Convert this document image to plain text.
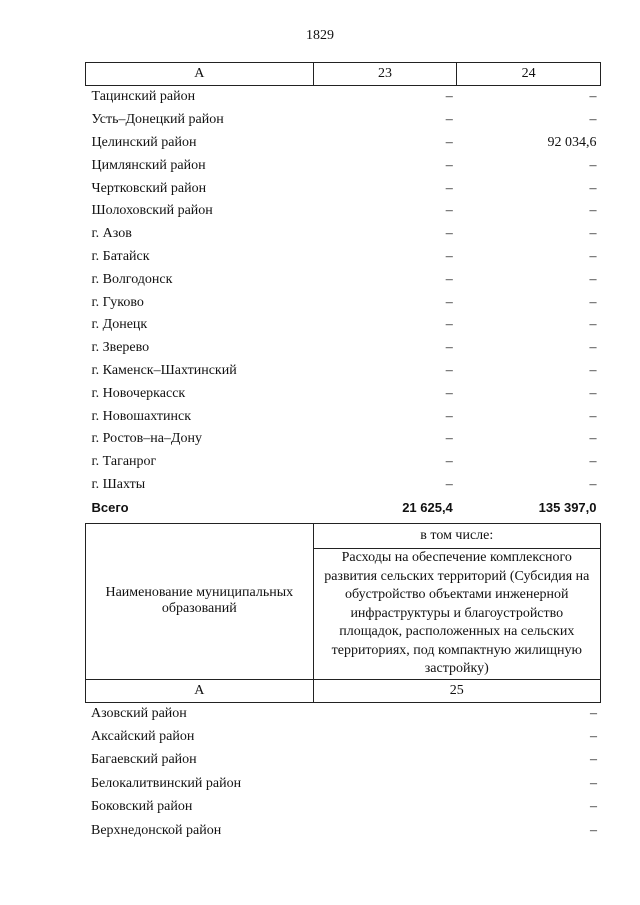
1829
А	23	24
Тацинский район	–	–
Усть–Донецкий район	–	–
Целинский район	–	92 034,6
Цимлянский район	–	–
Чертковский район	–	–
Шолоховский район	–	–
г. Азов	–	–
г. Батайск	–	–
г. Волгодонск	–	–
г. Гуково	–	–
г. Донецк	–	–
г. Зверево	–	–
г. Каменск–Шахтинский	–	–
г. Новочеркасск	–	–
г. Новошахтинск	–	–
г. Ростов–на–Дону	–	–
г. Таганрог	–	–
г. Шахты	–	–
Всего	21 625,4	135 397,0
Наименование муниципальных образований	в том числе:
	Расходы на обеспечение комплексного развития сельских территорий (Субсидия на обустройство объектами инженерной инфраструктуры и благоустройство площадок, расположенных на сельских территориях, под компактную жилищную застройку)
А	25
Азовский район	–
Аксайский район	–
Багаевский район	–
Белокалитвинский район	–
Боковский район	–
Верхнедонской район	–
